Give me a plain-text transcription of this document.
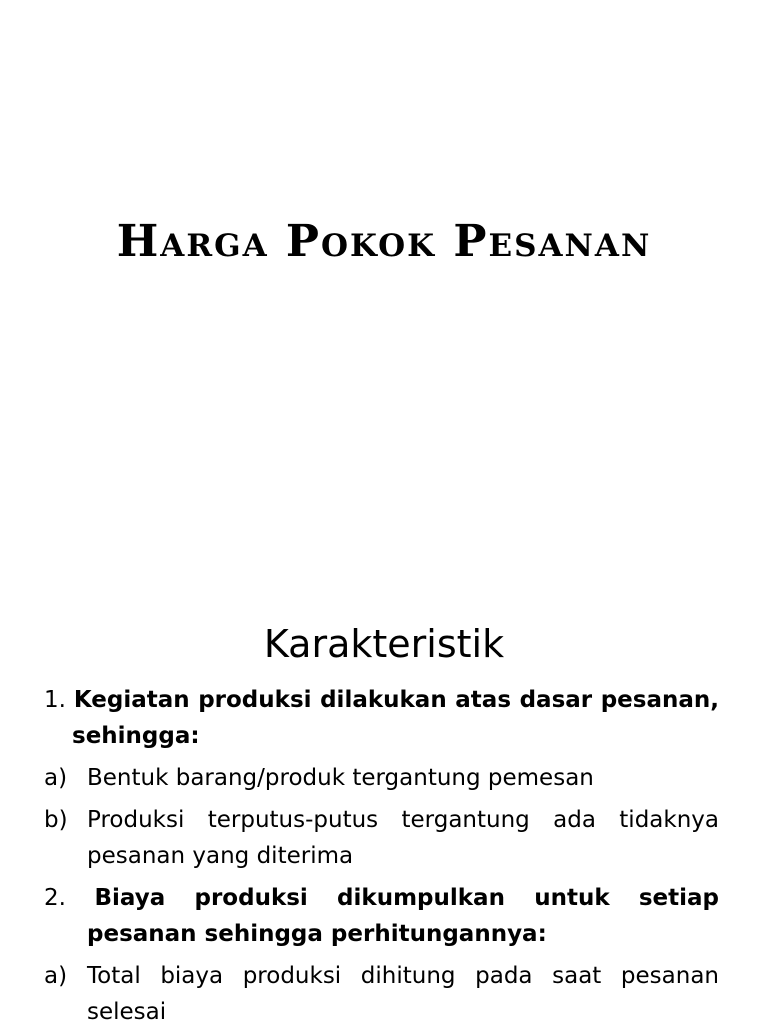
Harga Pokok Pesanan
Karakteristik

1. Kegiatan produksi dilakukan atas dasar pesanan, sehingga:

a) Bentuk barang/produk tergantung pemesan

b) Produksi terputus-putus tergantung ada tidaknya pesanan yang diterima

2. Biaya produksi dikumpulkan untuk setiap pesanan sehingga perhitungannya:

a) Total biaya produksi dihitung pada saat pesanan selesai
